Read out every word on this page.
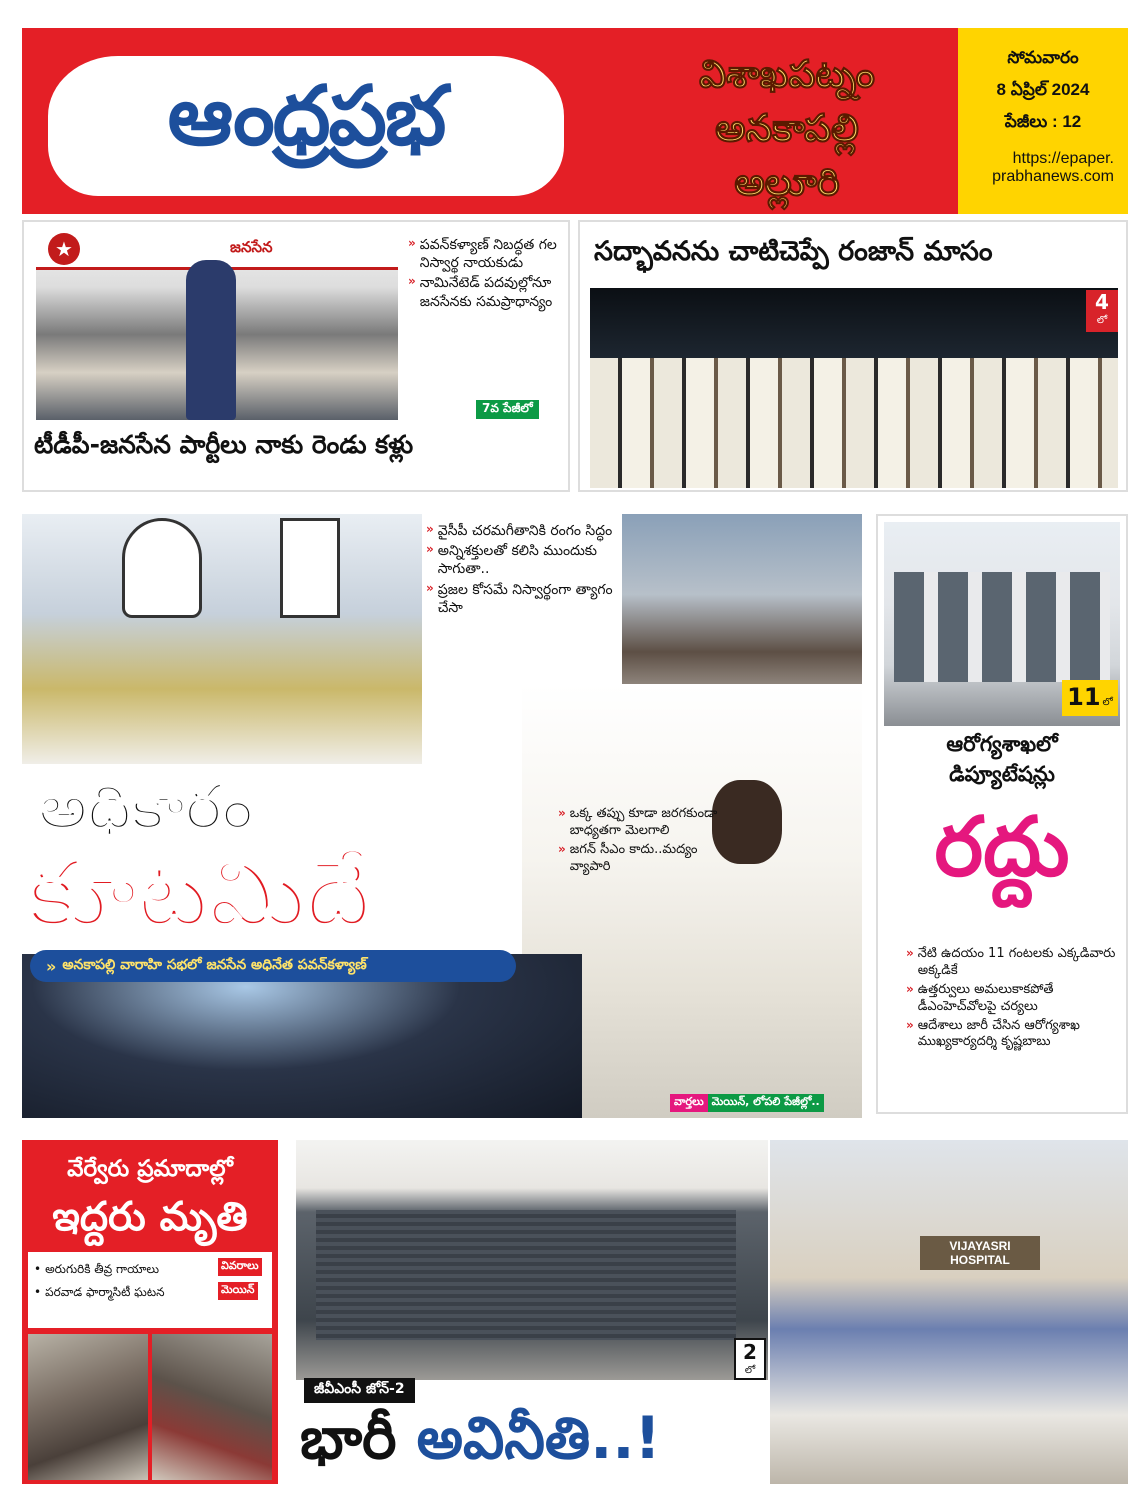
ఆంధ్రప్రభ	విశాఖపట్నం
అనకాపల్లి
అల్లూరి
సోమవారం
8 ఏప్రిల్ 2024
పేజీలు : 12
https://epaper.
prabhanews.com
★	జనసేన	» పవన్‌కళ్యాణ్ నిబద్ధత గల నిస్వార్థ నాయకుడు
» నామినేటెడ్ పదవుల్లోనూ జనసేనకు సమప్రాధాన్యం
7వ పేజీలో
టీడీపీ-జనసేన పార్టీలు నాకు రెండు కళ్లు
సద్భావనను చాటిచెప్పే రంజాన్ మాసం
4
లో
» వైసీపీ చరమగీతానికి రంగం సిద్ధం
» అన్నిశక్తులతో కలిసి ముందుకు సాగుతా..
» ప్రజల కోసమే నిస్వార్థంగా త్యాగం చేసా
» ఒక్క తప్పు కూడా జరగకుండా బాధ్యతగా మెలగాలి
» జగన్ సీఎం కాదు..మద్యం వ్యాపారి
అధికారం
కూటమిదే
» అనకాపల్లి వారాహి సభలో జనసేన అధినేత పవన్‌కళ్యాణ్
వార్తలు మెయిన్, లోపలి పేజీల్లో..
11 లో
ఆరోగ్యశాఖలో
డిప్యూటేషన్లు
రద్దు
» నేటి ఉదయం 11 గంటలకు ఎక్కడివారు అక్కడికే
» ఉత్తర్వులు అమలుకాకపోతే డీఎంహెచ్‌వోలపై చర్యలు
» ఆదేశాలు జారీ చేసిన ఆరోగ్యశాఖ ముఖ్యకార్యదర్శి కృష్ణబాబు
వేర్వేరు ప్రమాదాల్లో
ఇద్దరు మృతి
• అరుగురికి తీవ్ర గాయాలు
• పరవాడ ఫార్మాసిటీ ఘటన
వివరాలు
మెయిన్
2
లో
VIJAYASRI HOSPITAL
జీవీఎంసీ జోన్-2
భారీ అవినీతి..!
